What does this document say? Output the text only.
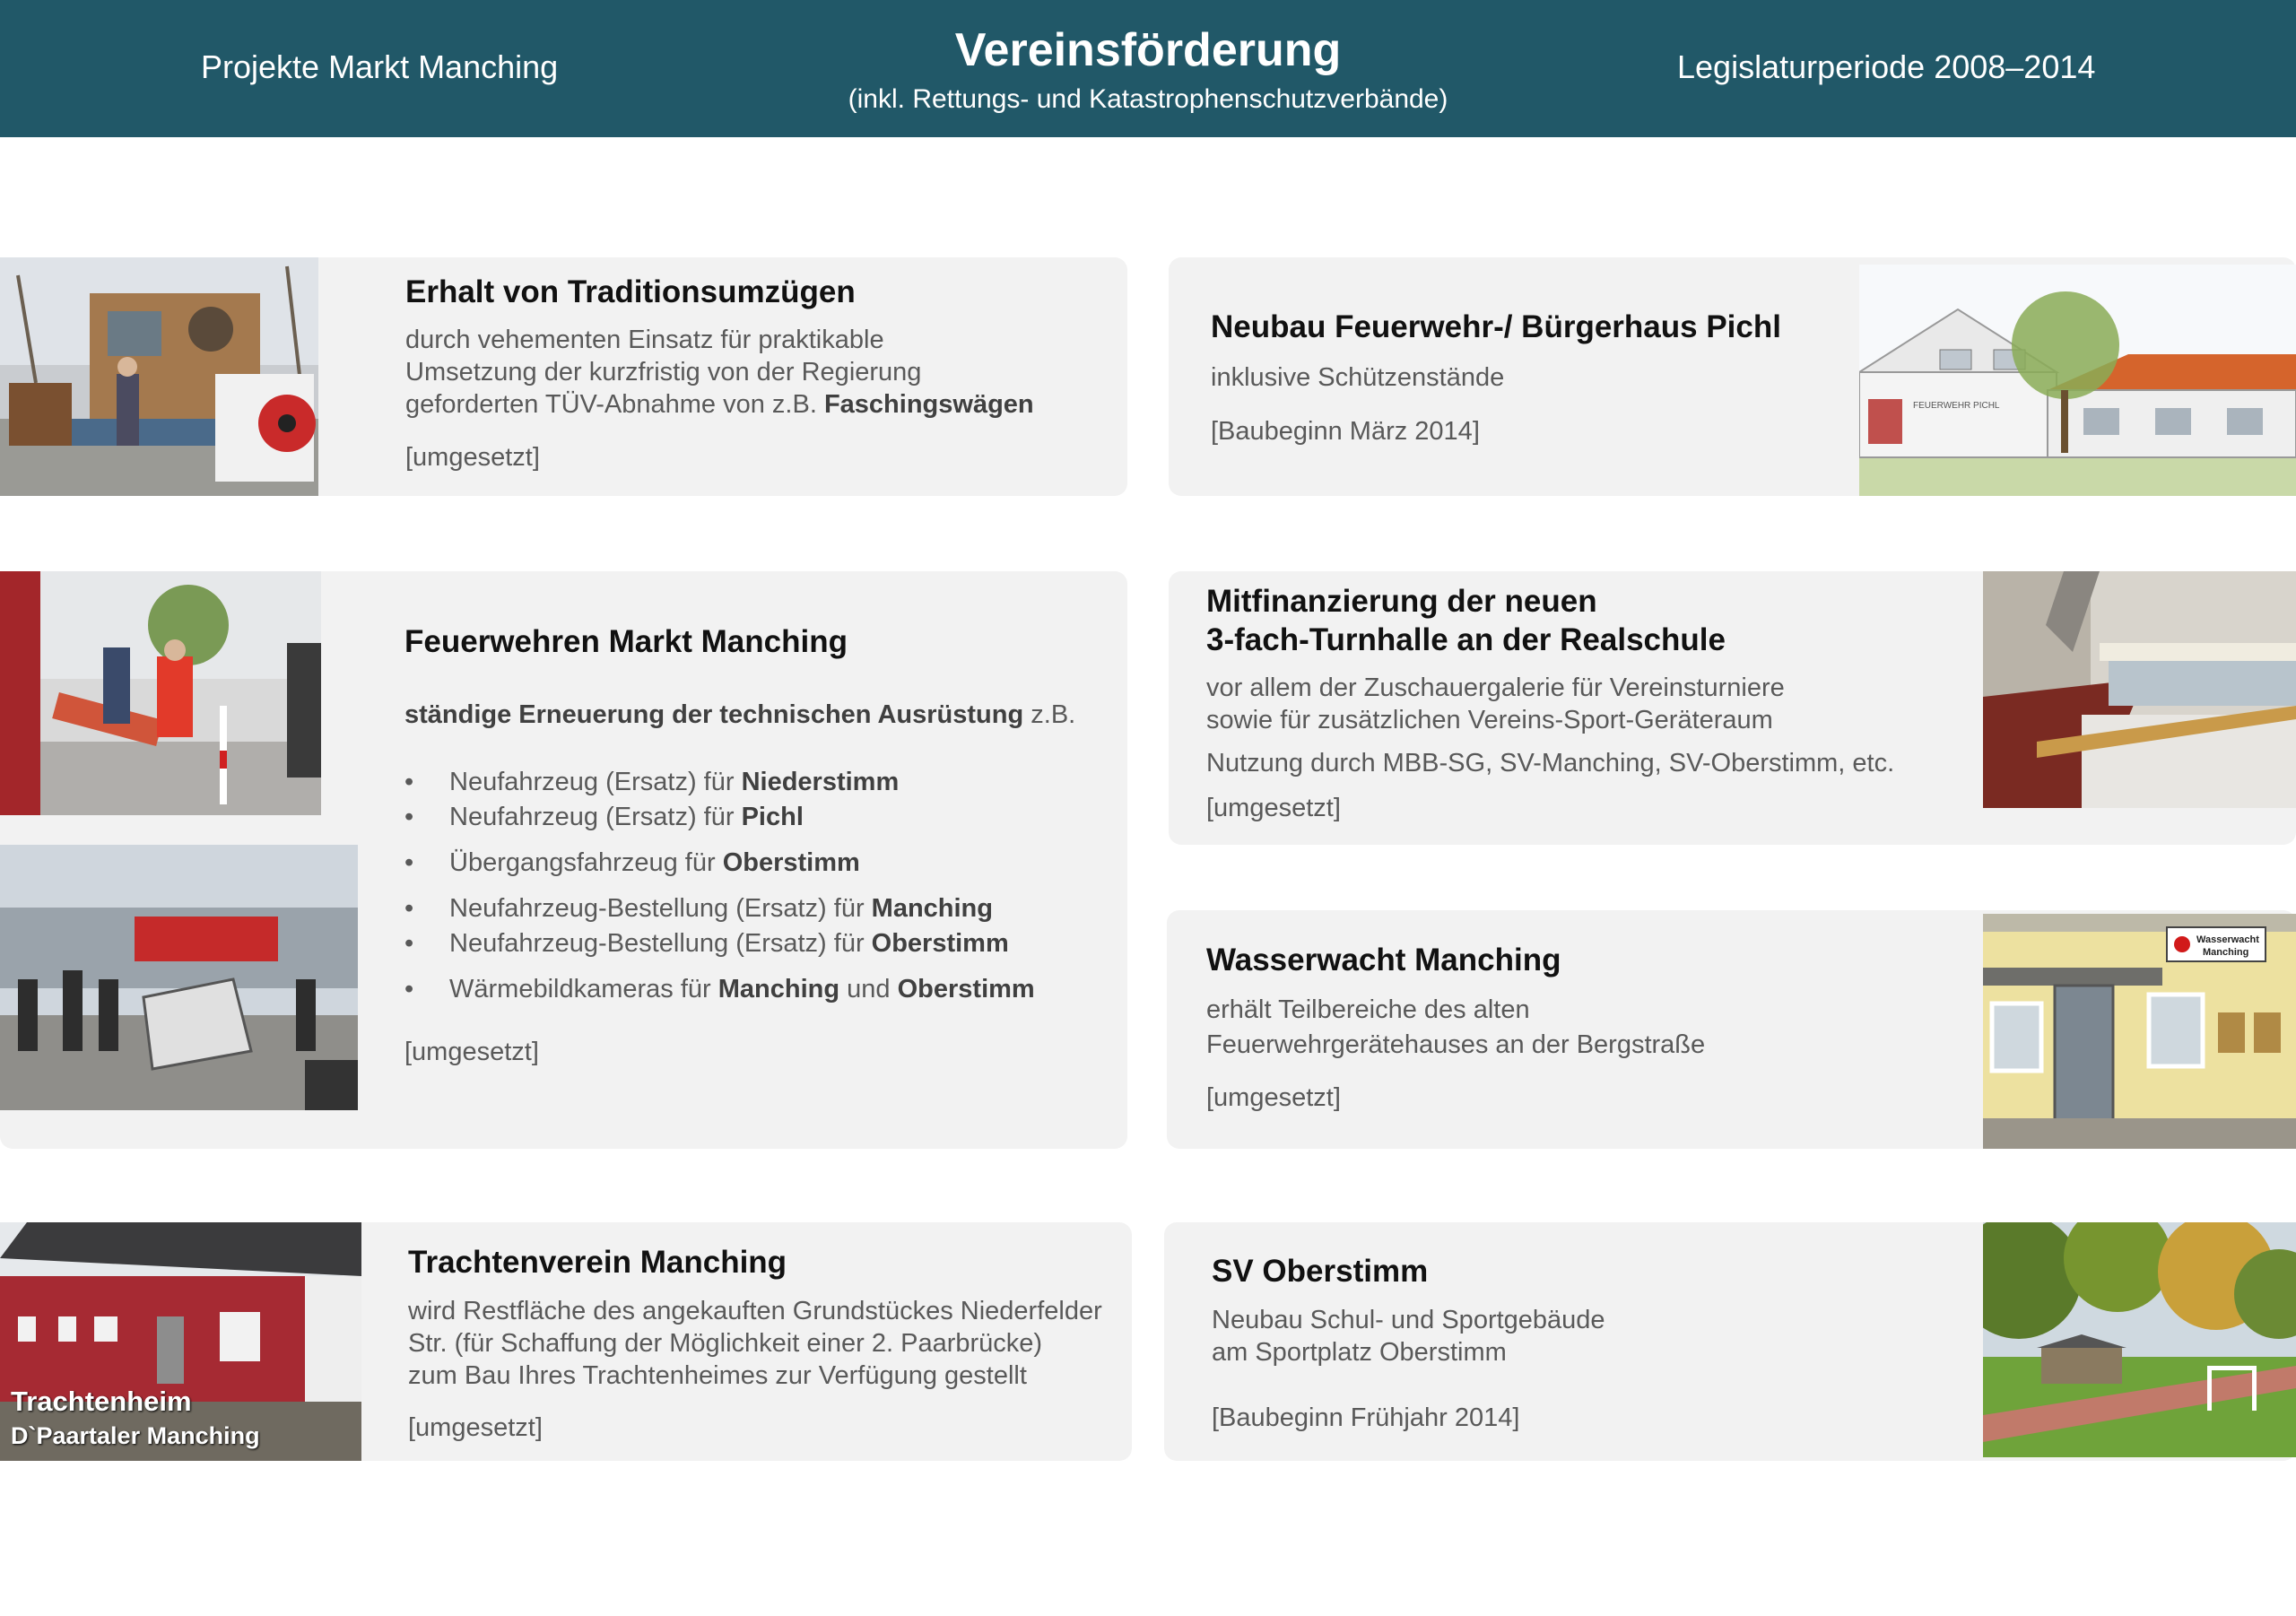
Projekte Markt Manching	Vereinsförderung
(inkl. Rettungs- und Katastrophenschutzverbände)
Legislaturperiode 2008–2014
Erhalt von Traditionsumzügen
durch vehementen Einsatz für praktikable
Umsetzung der kurzfristig von der Regierung
geforderten TÜV-Abnahme von z.B. Faschingswägen
[umgesetzt]
FEUERWEHR PICHL
Neubau Feuerwehr-/ Bürgerhaus Pichl
inklusive Schützenstände
[Baubeginn März 2014]
Feuerwehren Markt Manching
ständige Erneuerung der technischen Ausrüstung z.B.
• Neufahrzeug (Ersatz) für Niederstimm
• Neufahrzeug (Ersatz) für Pichl
• Übergangsfahrzeug für Oberstimm
• Neufahrzeug-Bestellung (Ersatz) für Manching
• Neufahrzeug-Bestellung (Ersatz) für Oberstimm
• Wärmebildkameras für Manching und Oberstimm
[umgesetzt]
Mitfinanzierung der neuen
3-fach-Turnhalle an der Realschule
vor allem der Zuschauergalerie für Vereinsturniere
sowie für zusätzlichen Vereins-Sport-Geräteraum
Nutzung durch MBB-SG, SV-Manching, SV-Oberstimm, etc.
[umgesetzt]
Wasserwacht
Manching
Wasserwacht Manching
erhält Teilbereiche des alten
Feuerwehrgerätehauses an der Bergstraße
[umgesetzt]
Trachtenheim
D`Paartaler Manching
Trachtenverein Manching
wird Restfläche des angekauften Grundstückes Niederfelder
Str. (für Schaffung der Möglichkeit einer 2. Paarbrücke)
zum Bau Ihres Trachtenheimes zur Verfügung gestellt
[umgesetzt]
SV Oberstimm
Neubau Schul- und Sportgebäude
am Sportplatz Oberstimm
[Baubeginn Frühjahr 2014]
